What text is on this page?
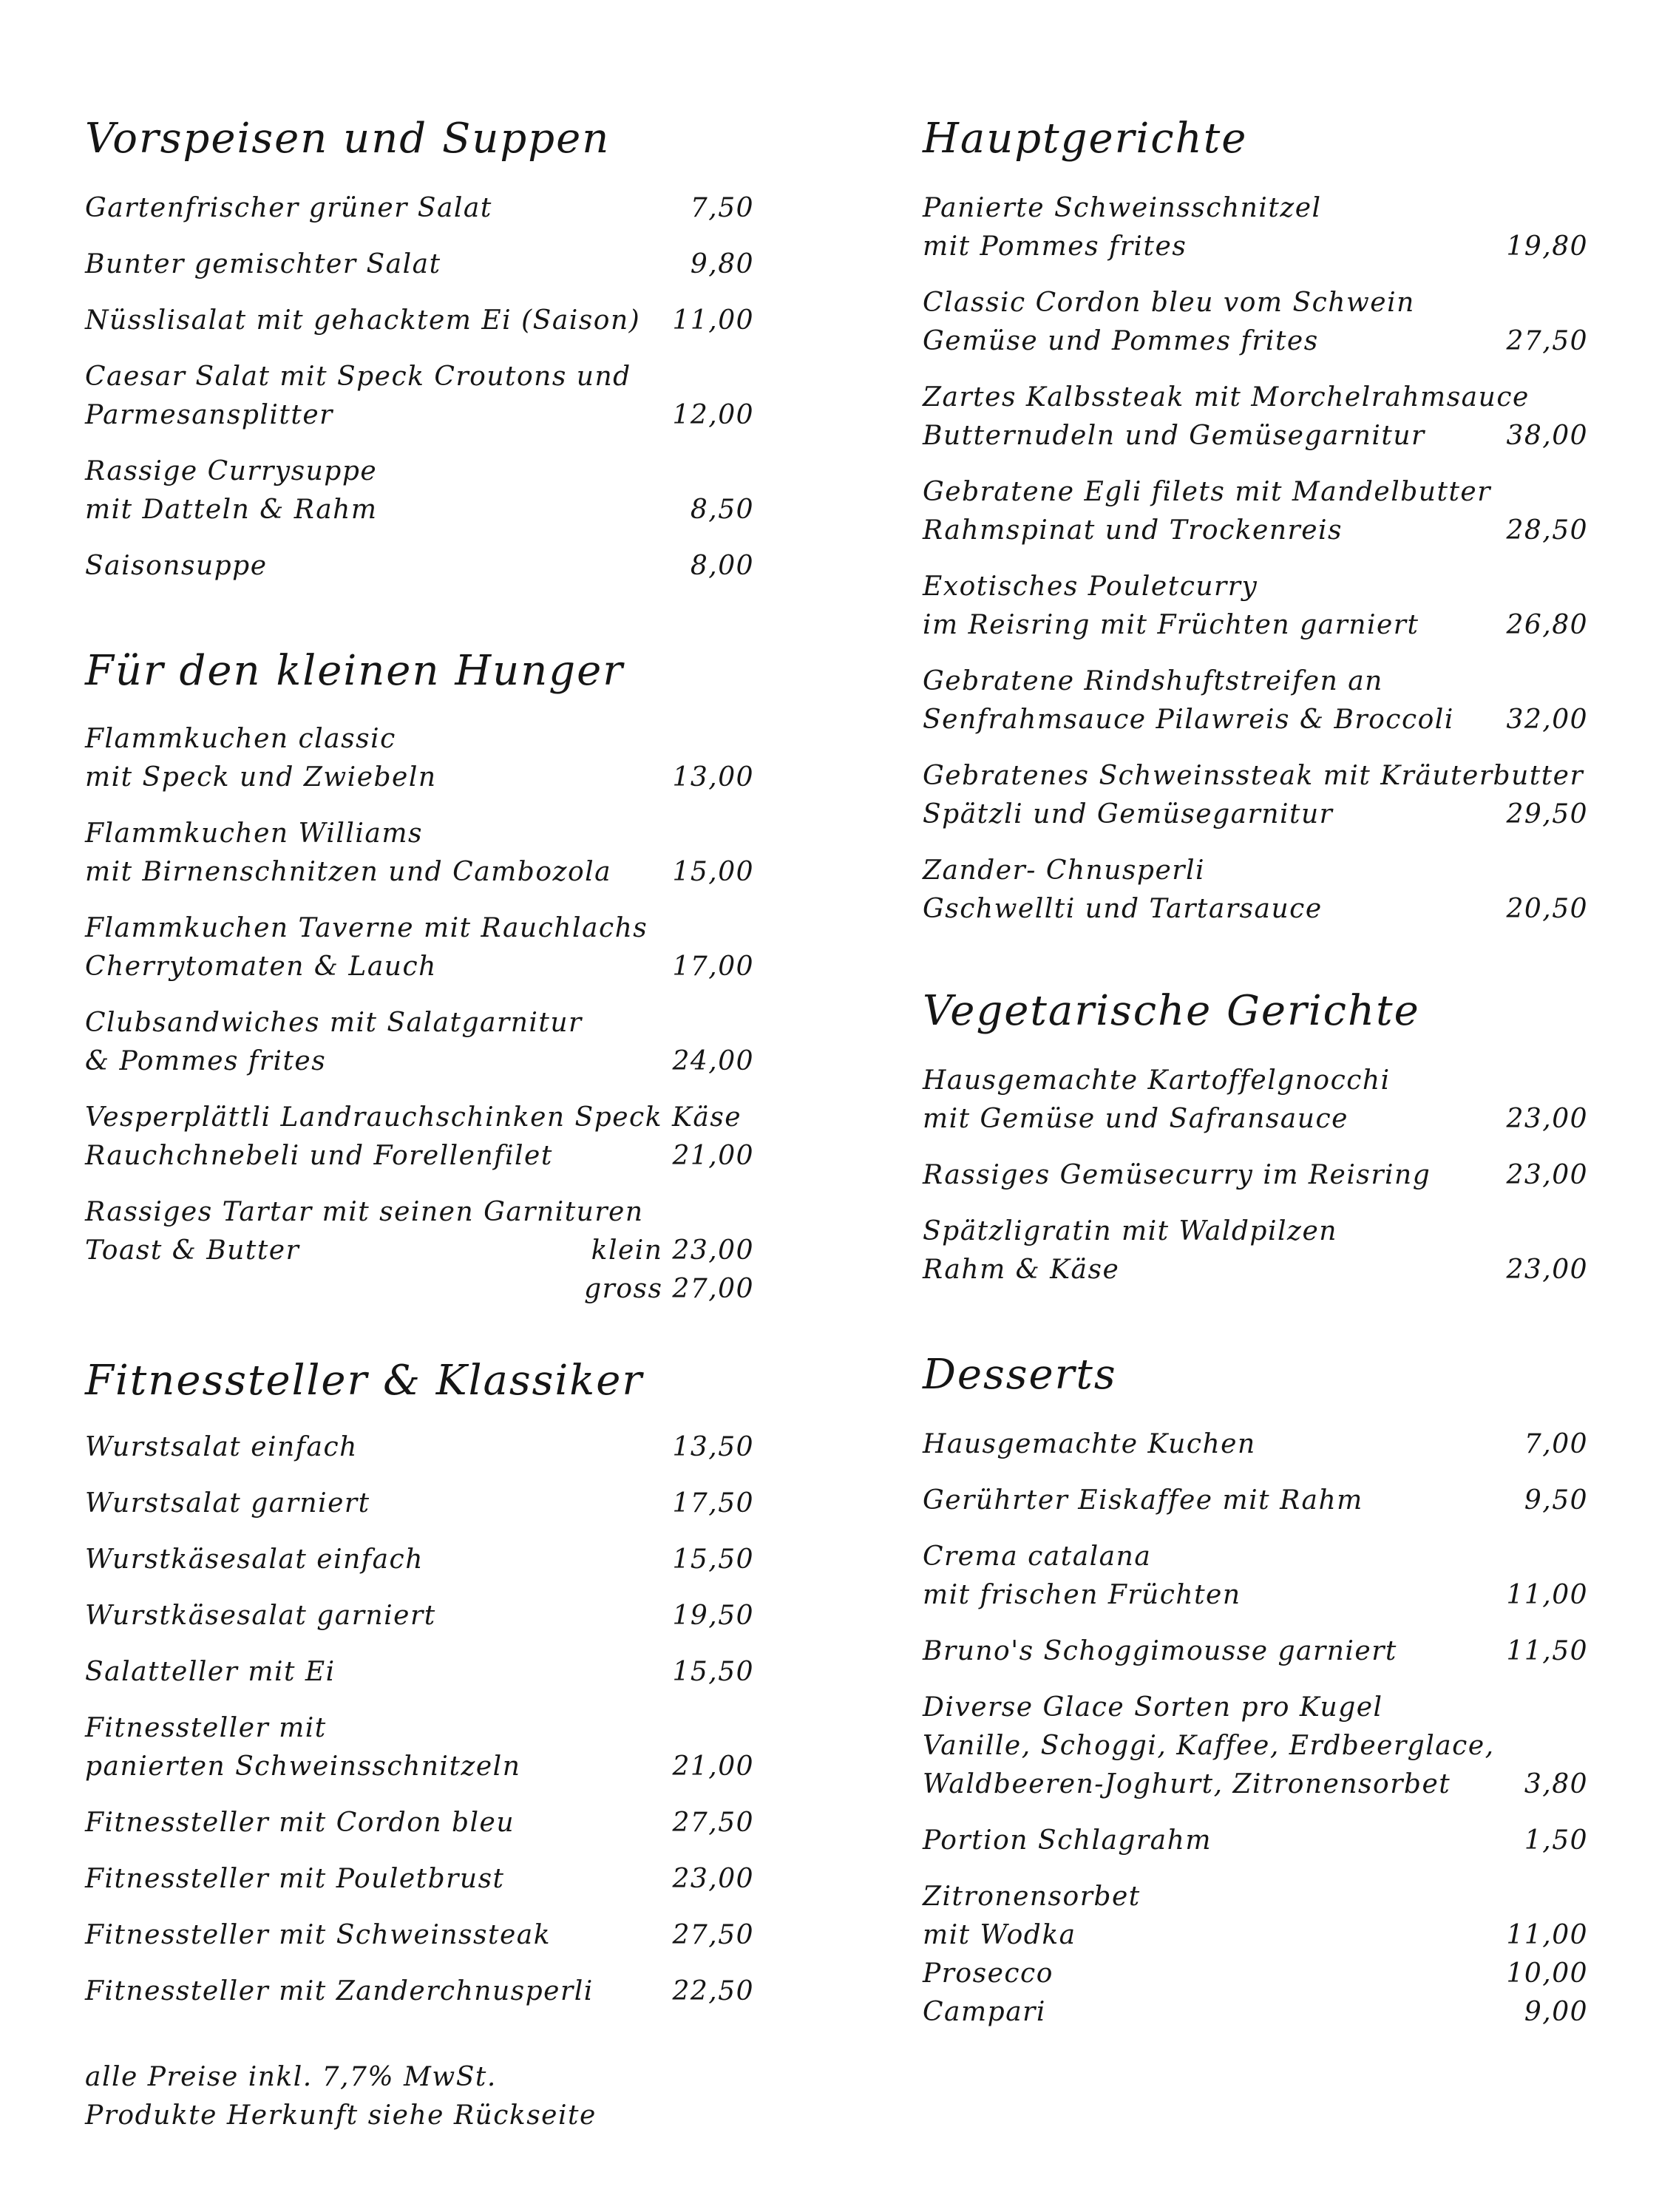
Vorspeisen und Suppen
Gartenfrischer grüner Salat	7,50
Bunter gemischter Salat	9,80
Nüsslisalat mit gehacktem Ei (Saison) 11,00
Caesar Salat mit Speck Croutons und
Parmesansplitter	12,00
Rassige Currysuppe
mit Datteln & Rahm	8,50
Saisonsuppe	8,00
Für den kleinen Hunger
Flammkuchen classic
mit Speck und Zwiebeln	13,00
Flammkuchen Williams
mit Birnenschnitzen und Cambozola 15,00
Flammkuchen Taverne mit Rauchlachs
Cherrytomaten & Lauch	17,00
Clubsandwiches mit Salatgarnitur
& Pommes frites	24,00
Vesperplättli Landrauchschinken Speck Käse
Rauchchnebeli und Forellenfilet	21,00
Rassiges Tartar mit seinen Garnituren
Toast & Butter	klein 23,00
gross 27,00
Fitnessteller & Klassiker
Wurstsalat einfach	13,50
Wurstsalat garniert	17,50
Wurstkäsesalat einfach	15,50
Wurstkäsesalat garniert	19,50
Salatteller mit Ei	15,50
Fitnessteller mit
panierten Schweinsschnitzeln	21,00
Fitnessteller mit Cordon bleu	27,50
Fitnessteller mit Pouletbrust	23,00
Fitnessteller mit Schweinssteak	27,50
Fitnessteller mit Zanderchnusperli	22,50
Hauptgerichte
Panierte Schweinsschnitzel
mit Pommes frites	19,80
Classic Cordon bleu vom Schwein
Gemüse und Pommes frites	27,50
Zartes Kalbssteak mit Morchelrahmsauce
Butternudeln und Gemüsegarnitur	38,00
Gebratene Egli filets mit Mandelbutter
Rahmspinat und Trockenreis	28,50
Exotisches Pouletcurry
im Reisring mit Früchten garniert	26,80
Gebratene Rindshuftstreifen an
Senfrahmsauce Pilawreis & Broccoli 32,00
Gebratenes Schweinssteak mit Kräuterbutter
Spätzli und Gemüsegarnitur	29,50
Zander- Chnusperli
Gschwellti und Tartarsauce	20,50
Vegetarische Gerichte
Hausgemachte Kartoffelgnocchi
mit Gemüse und Safransauce	23,00
Rassiges Gemüsecurry im Reisring	23,00
Spätzligratin mit Waldpilzen
Rahm & Käse	23,00
Desserts
Hausgemachte Kuchen	7,00
Gerührter Eiskaffee mit Rahm	9,50
Crema catalana
mit frischen Früchten	11,00
Bruno's Schoggimousse garniert	11,50
Diverse Glace Sorten pro Kugel
Vanille, Schoggi, Kaffee, Erdbeerglace,
Waldbeeren-Joghurt, Zitronensorbet	3,80
Portion Schlagrahm	1,50
Zitronensorbet
mit Wodka	11,00
Prosecco	10,00
Campari	9,00
alle Preise inkl. 7,7% MwSt.
Produkte Herkunft siehe Rückseite
